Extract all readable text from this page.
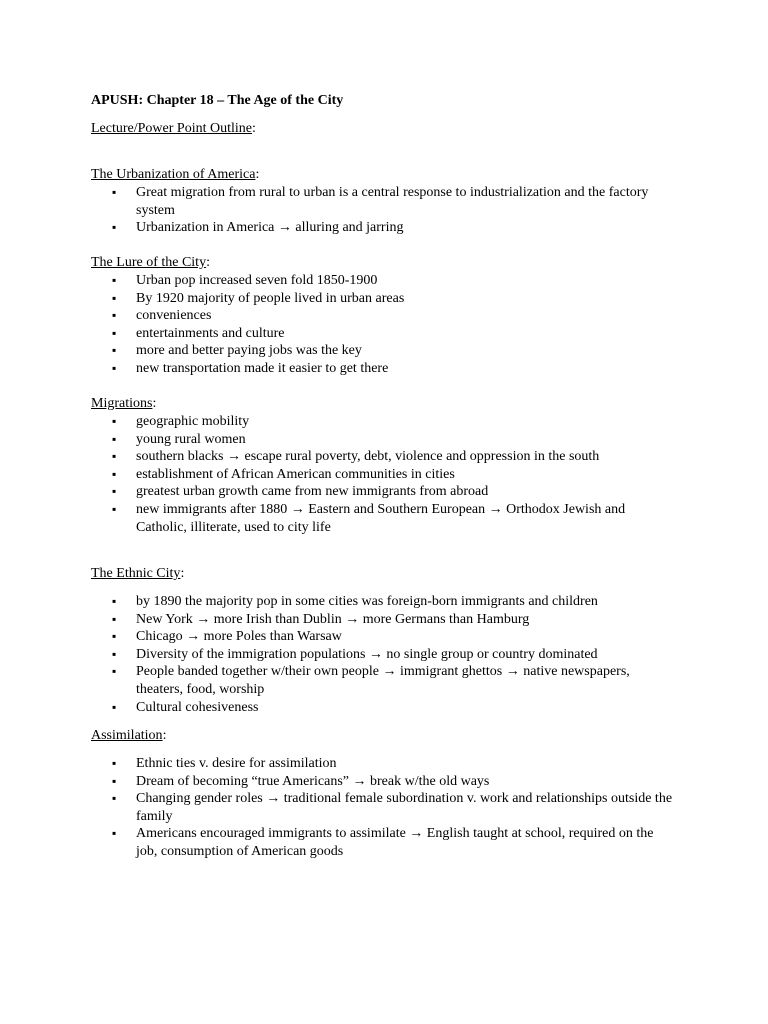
APUSH: Chapter 18 – The Age of the City
Lecture/Power Point Outline:
The Urbanization of America:
▪ Great migration from rural to urban is a central response to industrialization and the factory system
▪ Urbanization in America → alluring and jarring
The Lure of the City:
▪ Urban pop increased seven fold 1850-1900
▪ By 1920 majority of people lived in urban areas
▪ conveniences
▪ entertainments and culture
▪ more and better paying jobs was the key
▪ new transportation made it easier to get there
Migrations:
▪ geographic mobility
▪ young rural women
▪ southern blacks → escape rural poverty, debt, violence and oppression in the south
▪ establishment of African American communities in cities
▪ greatest urban growth came from new immigrants from abroad
▪ new immigrants after 1880 → Eastern and Southern European → Orthodox Jewish and Catholic, illiterate, used to city life
The Ethnic City:
▪ by 1890 the majority pop in some cities was foreign-born immigrants and children
▪ New York → more Irish than Dublin → more Germans than Hamburg
▪ Chicago → more Poles than Warsaw
▪ Diversity of the immigration populations → no single group or country dominated
▪ People banded together w/their own people → immigrant ghettos → native newspapers, theaters, food, worship
▪ Cultural cohesiveness
Assimilation:
▪ Ethnic ties v. desire for assimilation
▪ Dream of becoming “true Americans” → break w/the old ways
▪ Changing gender roles → traditional female subordination v. work and relationships outside the family
▪ Americans encouraged immigrants to assimilate → English taught at school, required on the job, consumption of American goods
